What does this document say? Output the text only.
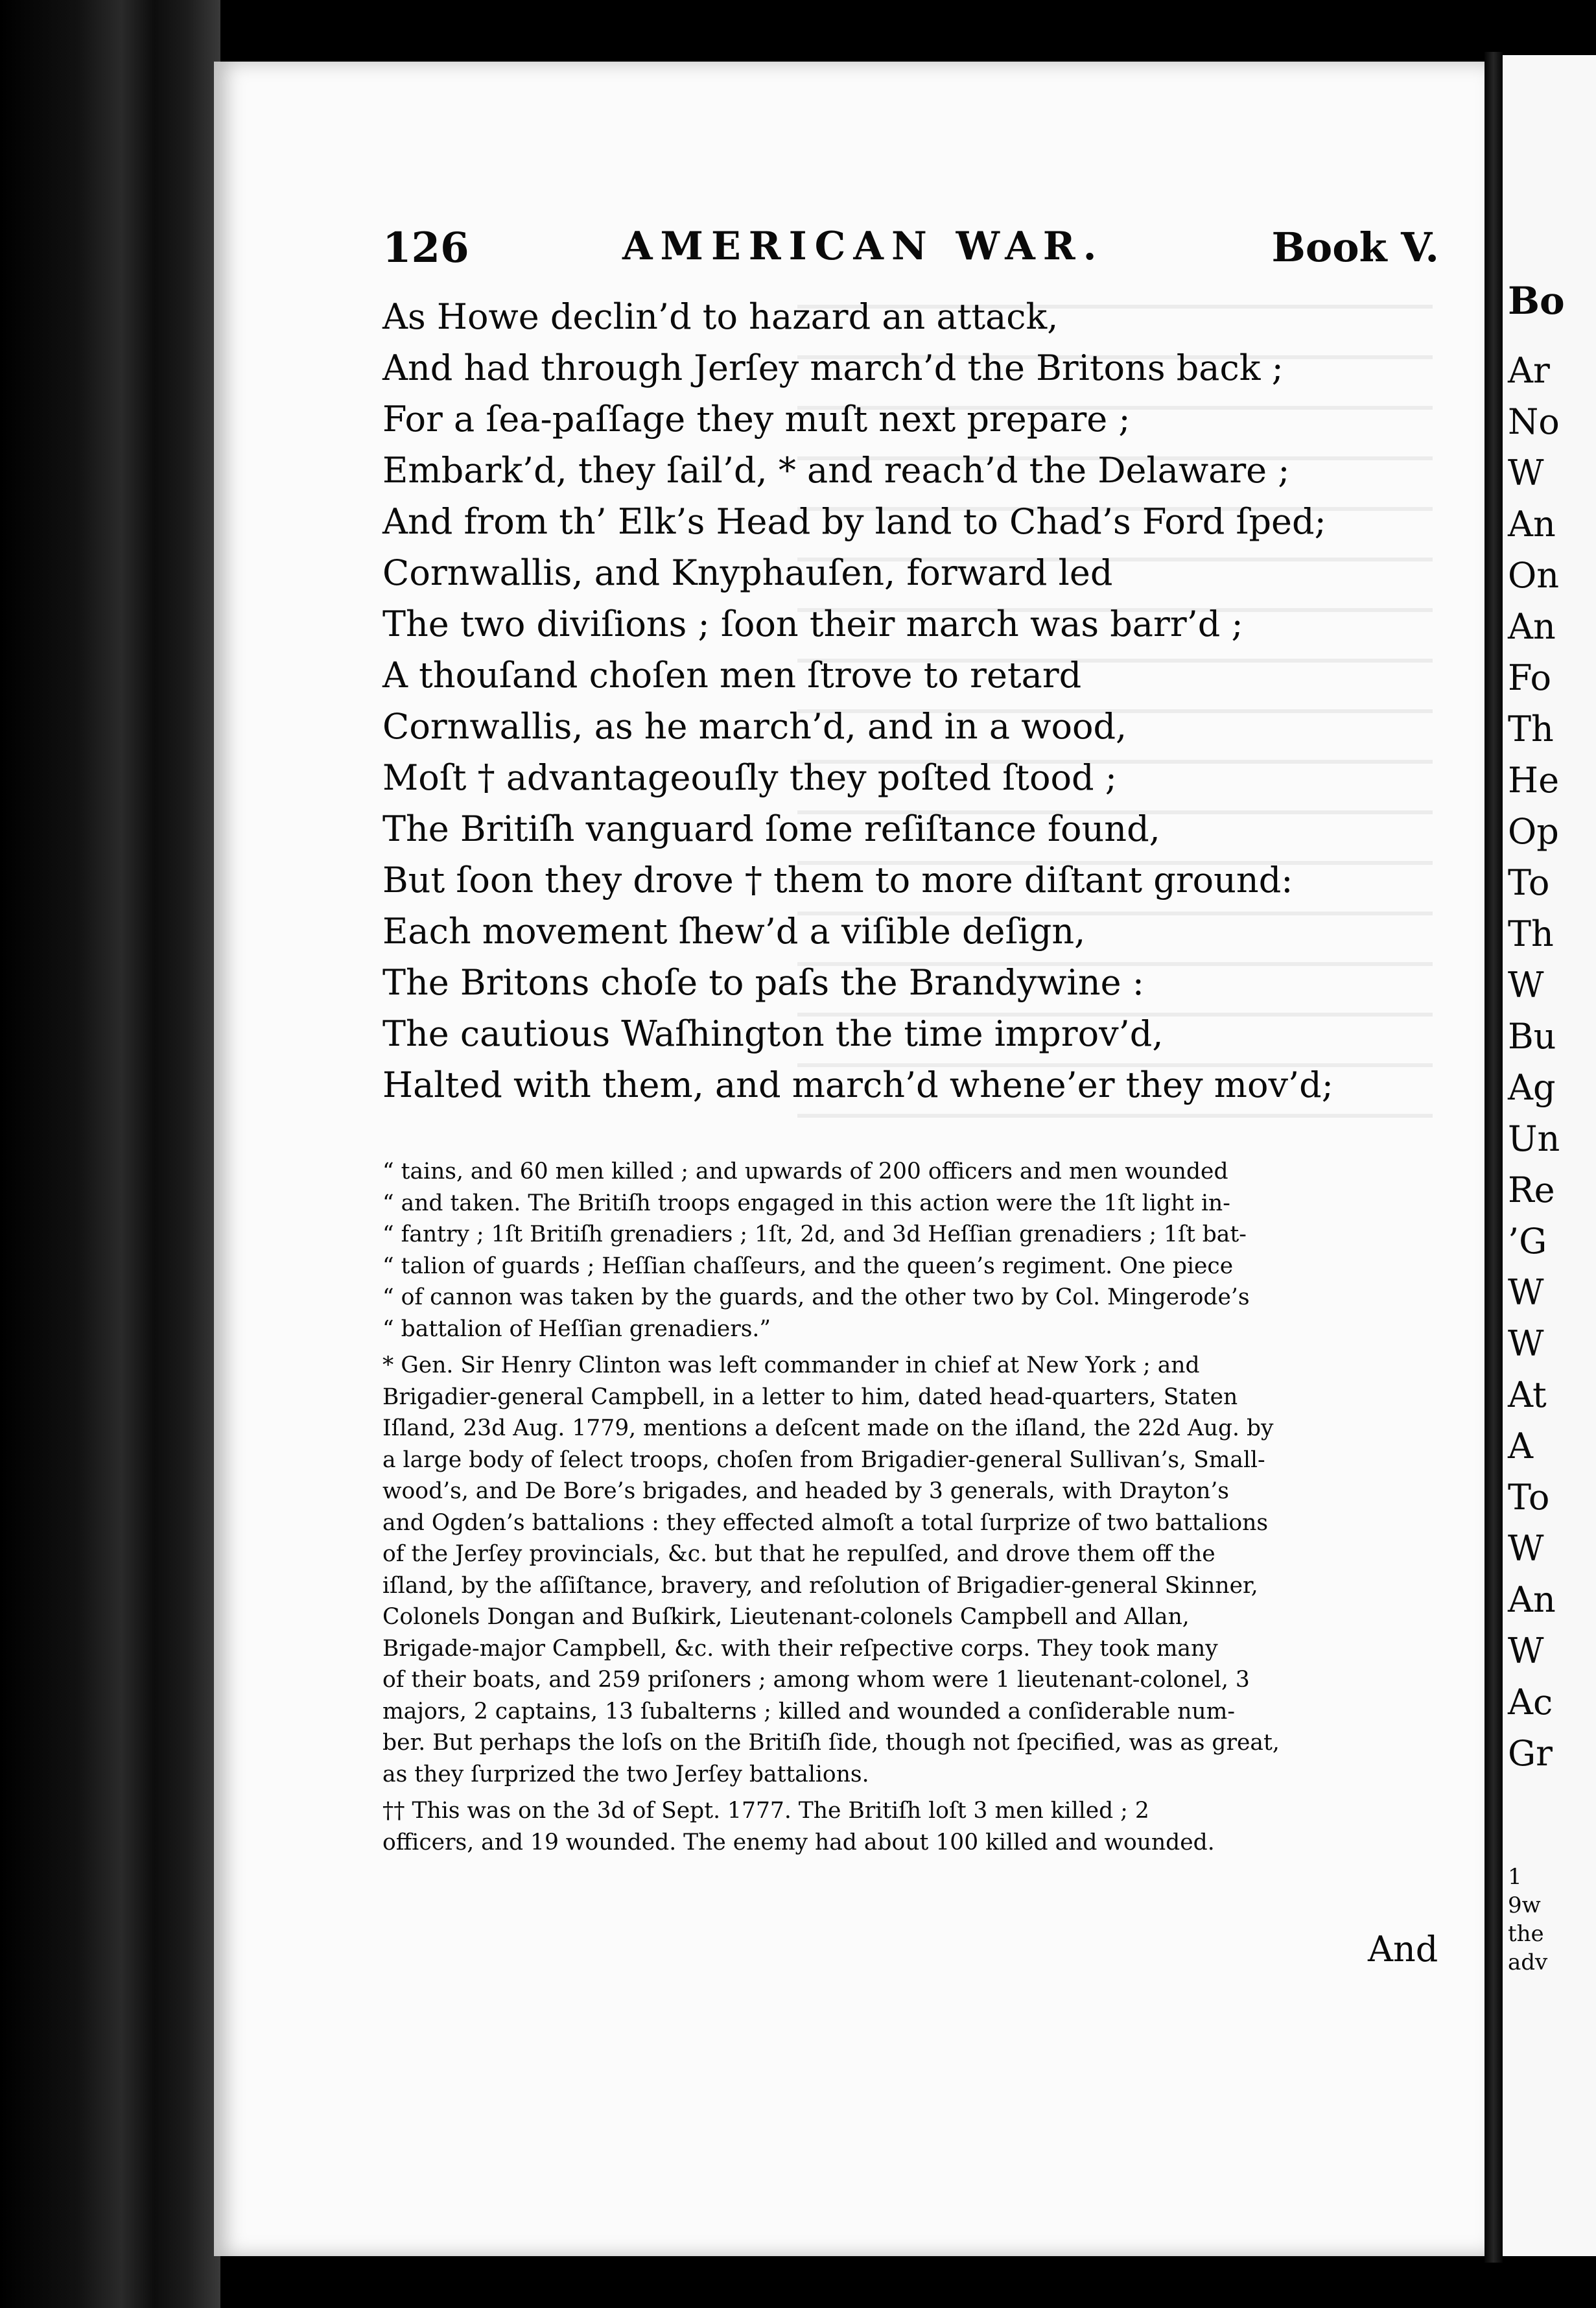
Bo
Ar
No
W
An
On
An
Fo
Th
He
Op
To
Th
W
Bu
Ag
Un
Re
’G
W
W
At
A
To
W
An
W
Ac
Gr
1
9w
the
adv
126	AMERICAN WAR.	Book V.
As Howe declin’d to hazard an attack,
And had through Jerſey march’d the Britons back ;
For a ſea-paſſage they muſt next prepare ;
Embark’d, they ſail’d, * and reach’d the Delaware ;
And from th’ Elk’s Head by land to Chad’s Ford ſped;
Cornwallis, and Knyphauſen, forward led
The two diviſions ; ſoon their march was barr’d ;
A thouſand choſen men ſtrove to retard
Cornwallis, as he march’d, and in a wood,
Moſt † advantageouſly they poſted ſtood ;
The Britiſh vanguard ſome reſiſtance found,
But ſoon they drove † them to more diſtant ground:
Each movement ſhew’d a viſible deſign,
The Britons choſe to paſs the Brandywine :
The cautious Waſhington the time improv’d,
Halted with them, and march’d whene’er they mov’d;
“ tains, and 60 men killed ; and upwards of 200 officers and men wounded
“ and taken. The Britiſh troops engaged in this action were the 1ſt light in-
“ fantry ; 1ſt Britiſh grenadiers ; 1ſt, 2d, and 3d Heſſian grenadiers ; 1ſt bat-
“ talion of guards ; Heſſian chaſſeurs, and the queen’s regiment. One piece
“ of cannon was taken by the guards, and the other two by Col. Mingerode’s
“ battalion of Heſſian grenadiers.”
* Gen. Sir Henry Clinton was left commander in chief at New York ; and
Brigadier-general Campbell, in a letter to him, dated head-quarters, Staten
Iſland, 23d Aug. 1779, mentions a deſcent made on the iſland, the 22d Aug. by
a large body of ſelect troops, choſen from Brigadier-general Sullivan’s, Small-
wood’s, and De Bore’s brigades, and headed by 3 generals, with Drayton’s
and Ogden’s battalions : they effected almoſt a total ſurprize of two battalions
of the Jerſey provincials, &c. but that he repulſed, and drove them off the
iſland, by the aſſiſtance, bravery, and reſolution of Brigadier-general Skinner,
Colonels Dongan and Buſkirk, Lieutenant-colonels Campbell and Allan,
Brigade-major Campbell, &c. with their reſpective corps. They took many
of their boats, and 259 priſoners ; among whom were 1 lieutenant-colonel, 3
majors, 2 captains, 13 ſubalterns ; killed and wounded a conſiderable num-
ber. But perhaps the loſs on the Britiſh ſide, though not ſpecified, was as great,
as they ſurprized the two Jerſey battalions.
†† This was on the 3d of Sept. 1777. The Britiſh loſt 3 men killed ; 2
officers, and 19 wounded. The enemy had about 100 killed and wounded.
And
